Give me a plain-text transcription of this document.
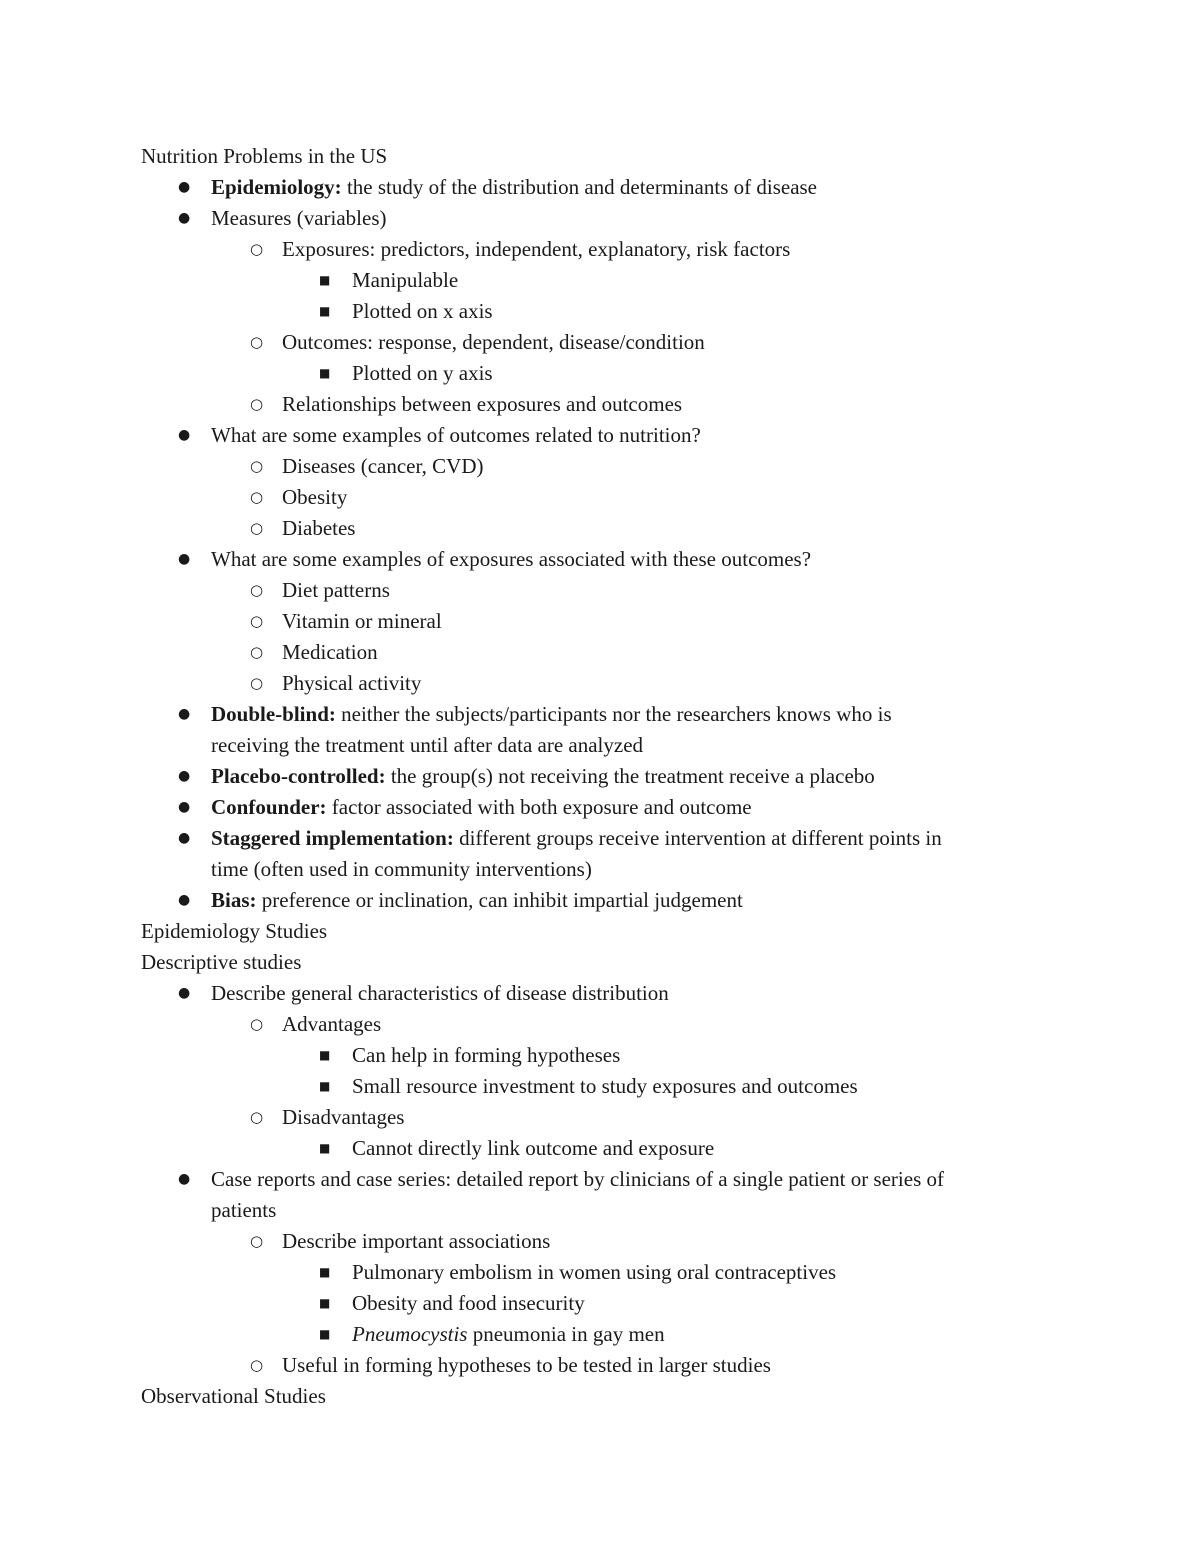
Nutrition Problems in the US
● Epidemiology: the study of the distribution and determinants of disease
● Measures (variables)
○ Exposures: predictors, independent, explanatory, risk factors
■ Manipulable
■ Plotted on x axis
○ Outcomes: response, dependent, disease/condition
■ Plotted on y axis
○ Relationships between exposures and outcomes
● What are some examples of outcomes related to nutrition?
○ Diseases (cancer, CVD)
○ Obesity
○ Diabetes
● What are some examples of exposures associated with these outcomes?
○ Diet patterns
○ Vitamin or mineral
○ Medication
○ Physical activity
● Double-blind: neither the subjects/participants nor the researchers knows who is
receiving the treatment until after data are analyzed
● Placebo-controlled: the group(s) not receiving the treatment receive a placebo
● Confounder: factor associated with both exposure and outcome
● Staggered implementation: different groups receive intervention at different points in
time (often used in community interventions)
● Bias: preference or inclination, can inhibit impartial judgement
Epidemiology Studies
Descriptive studies
● Describe general characteristics of disease distribution
○ Advantages
■ Can help in forming hypotheses
■ Small resource investment to study exposures and outcomes
○ Disadvantages
■ Cannot directly link outcome and exposure
● Case reports and case series: detailed report by clinicians of a single patient or series of
patients
○ Describe important associations
■ Pulmonary embolism in women using oral contraceptives
■ Obesity and food insecurity
■ Pneumocystis pneumonia in gay men
○ Useful in forming hypotheses to be tested in larger studies
Observational Studies
